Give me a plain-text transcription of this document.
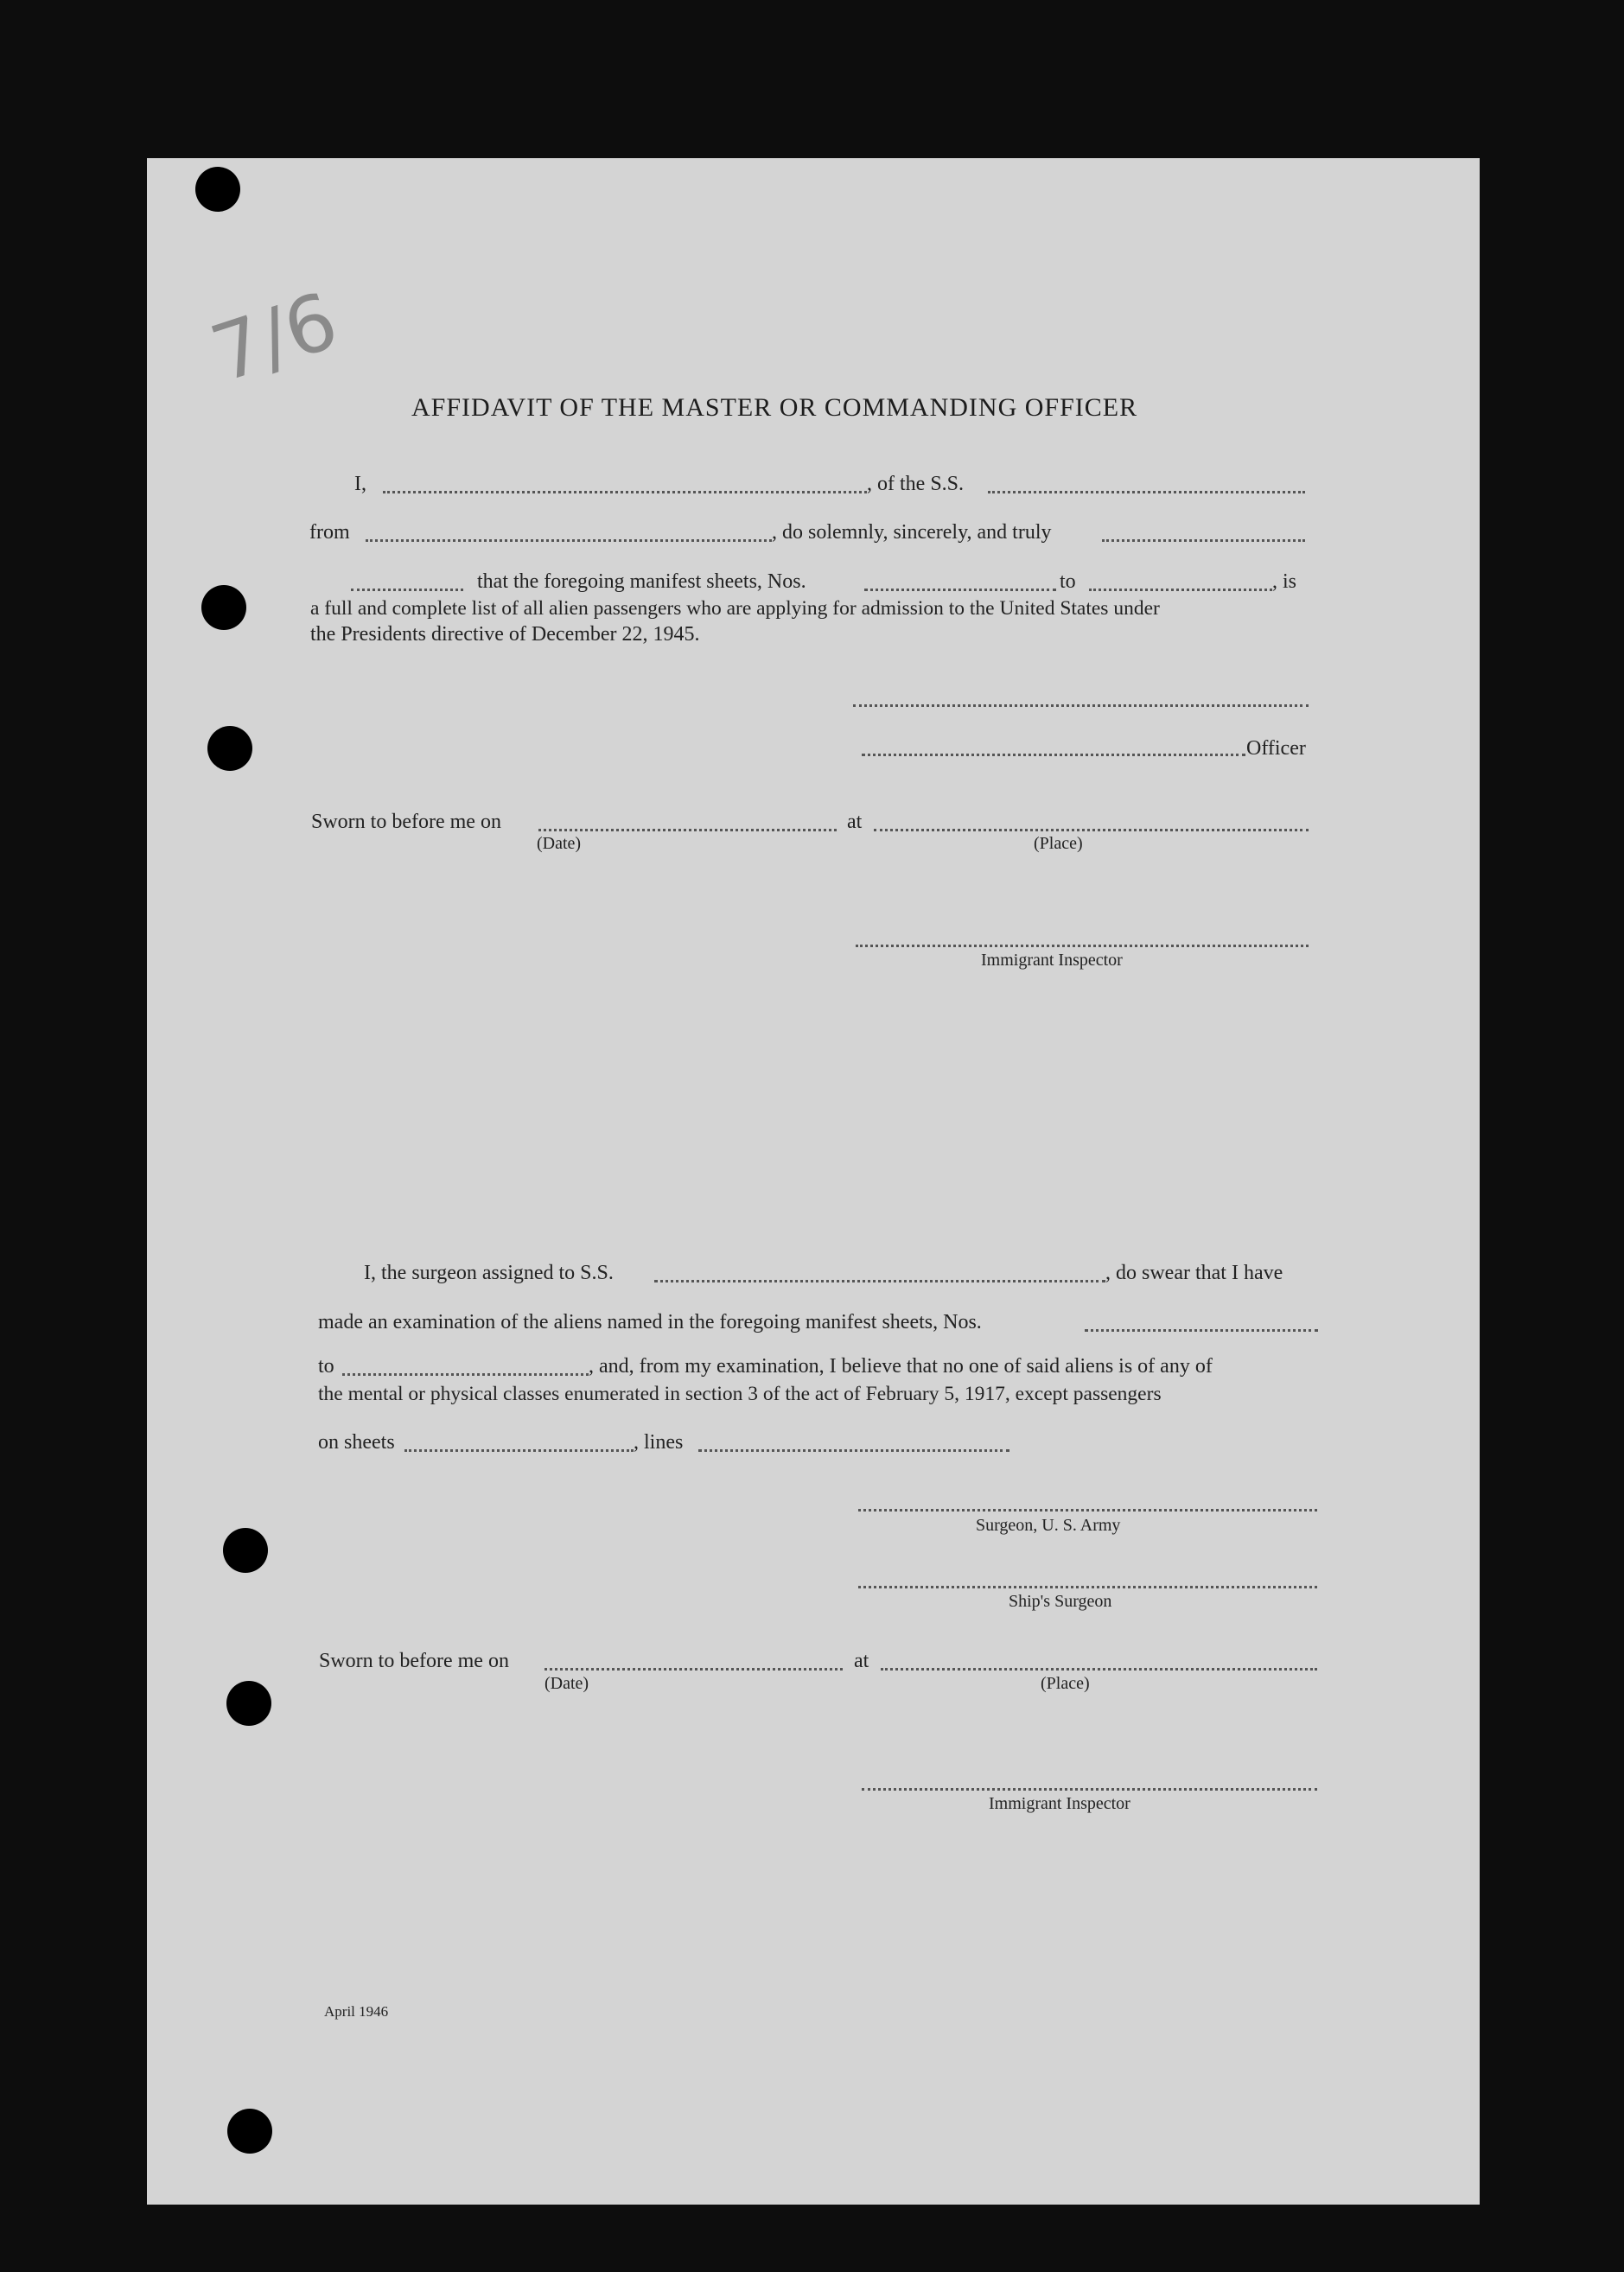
7/6
AFFIDAVIT OF THE MASTER OR COMMANDING OFFICER
I,	, of the S.S.
from	, do solemnly, sincerely, and truly
that the foregoing manifest sheets, Nos.	to	, is
a full and complete list of all alien passengers who are applying for admission to the United States under
the Presidents directive of December 22, 1945.
Officer
Sworn to before me on	at
(Date)	(Place)
Immigrant Inspector
I, the surgeon assigned to S.S.	, do swear that I have
made an examination of the aliens named in the foregoing manifest sheets, Nos.
to	, and, from my examination, I believe that no one of said aliens is of any of
the mental or physical classes enumerated in section 3 of the act of February 5, 1917, except passengers
on sheets	, lines
Surgeon, U. S. Army
Ship's Surgeon
Sworn to before me on	at
(Date)	(Place)
Immigrant Inspector
April 1946
